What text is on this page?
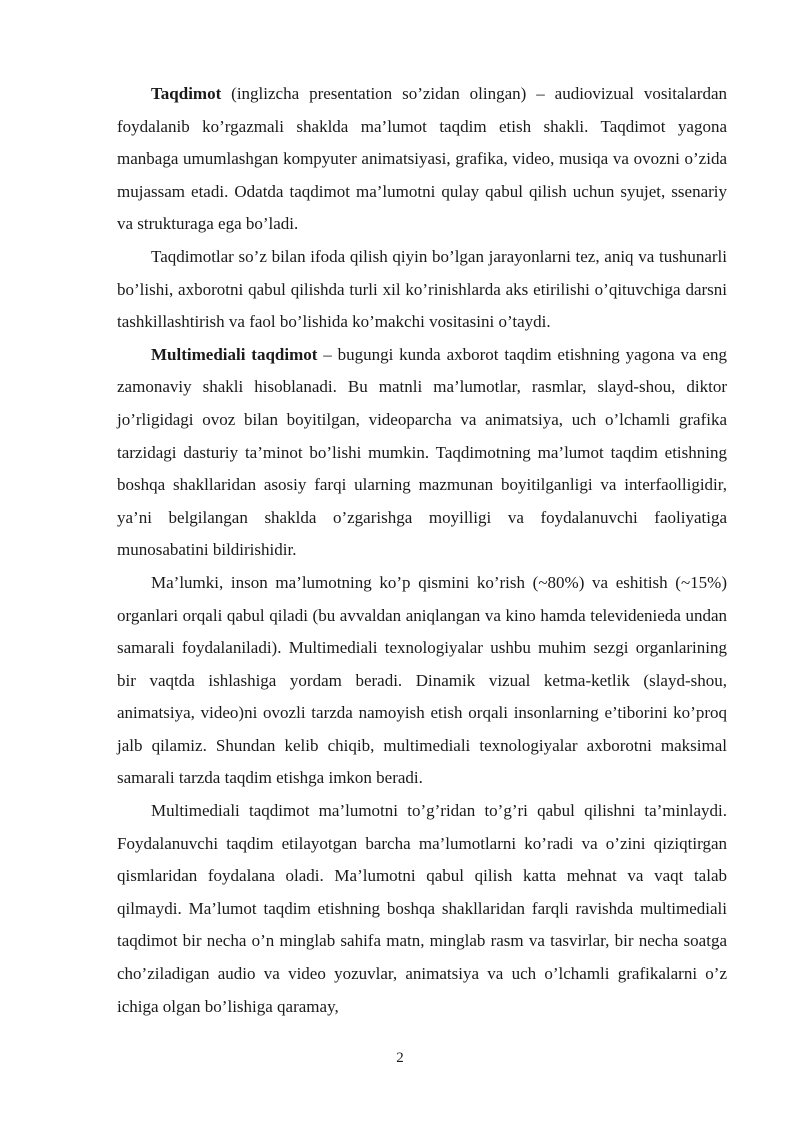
Taqdimot (inglizcha presentation so’zidan olingan) – audiovizual vositalardan foydalanib ko’rgazmali shaklda ma’lumot taqdim etish shakli. Taqdimot yagona manbaga umumlashgan kompyuter animatsiyasi, grafika, video, musiqa va ovozni o’zida mujassam etadi. Odatda taqdimot ma’lumotni qulay qabul qilish uchun syujet, ssenariy va strukturaga ega bo’ladi.

Taqdimotlar so’z bilan ifoda qilish qiyin bo’lgan jarayonlarni tez, aniq va tushunarli bo’lishi, axborotni qabul qilishda turli xil ko’rinishlarda aks etirilishi o’qituvchiga darsni tashkillashtirish va faol bo’lishida ko’makchi vositasini o’taydi.

Multimediali taqdimot – bugungi kunda axborot taqdim etishning yagona va eng zamonaviy shakli hisoblanadi. Bu matnli ma’lumotlar, rasmlar, slayd-shou, diktor jo’rligidagi ovoz bilan boyitilgan, videoparcha va animatsiya, uch o’lchamli grafika tarzidagi dasturiy ta’minot bo’lishi mumkin. Taqdimotning ma’lumot taqdim etishning boshqa shakllaridan asosiy farqi ularning mazmunan boyitilganligi va interfaolligidir, ya’ni belgilangan shaklda o’zgarishga moyilligi va foydalanuvchi faoliyatiga munosabatini bildirishidir.

Ma’lumki, inson ma’lumotning ko’p qismini ko’rish (~80%) va eshitish (~15%) organlari orqali qabul qiladi (bu avvaldan aniqlangan va kino hamda televidenieda undan samarali foydalaniladi). Multimediali texnologiyalar ushbu muhim sezgi organlarining bir vaqtda ishlashiga yordam beradi. Dinamik vizual ketma-ketlik (slayd-shou, animatsiya, video)ni ovozli tarzda namoyish etish orqali insonlarning e’tiborini ko’proq jalb qilamiz. Shundan kelib chiqib, multimediali texnologiyalar axborotni maksimal samarali tarzda taqdim etishga imkon beradi.

Multimediali taqdimot ma’lumotni to’g’ridan to’g’ri qabul qilishni ta’minlaydi. Foydalanuvchi taqdim etilayotgan barcha ma’lumotlarni ko’radi va o’zini qiziqtirgan qismlaridan foydalana oladi. Ma’lumotni qabul qilish katta mehnat va vaqt talab qilmaydi. Ma’lumot taqdim etishning boshqa shakllaridan farqli ravishda multimediali taqdimot bir necha o’n minglab sahifa matn, minglab rasm va tasvirlar, bir necha soatga cho’ziladigan audio va video yozuvlar, animatsiya va uch o’lchamli grafikalarni o’z ichiga olgan bo’lishiga qaramay,

2
